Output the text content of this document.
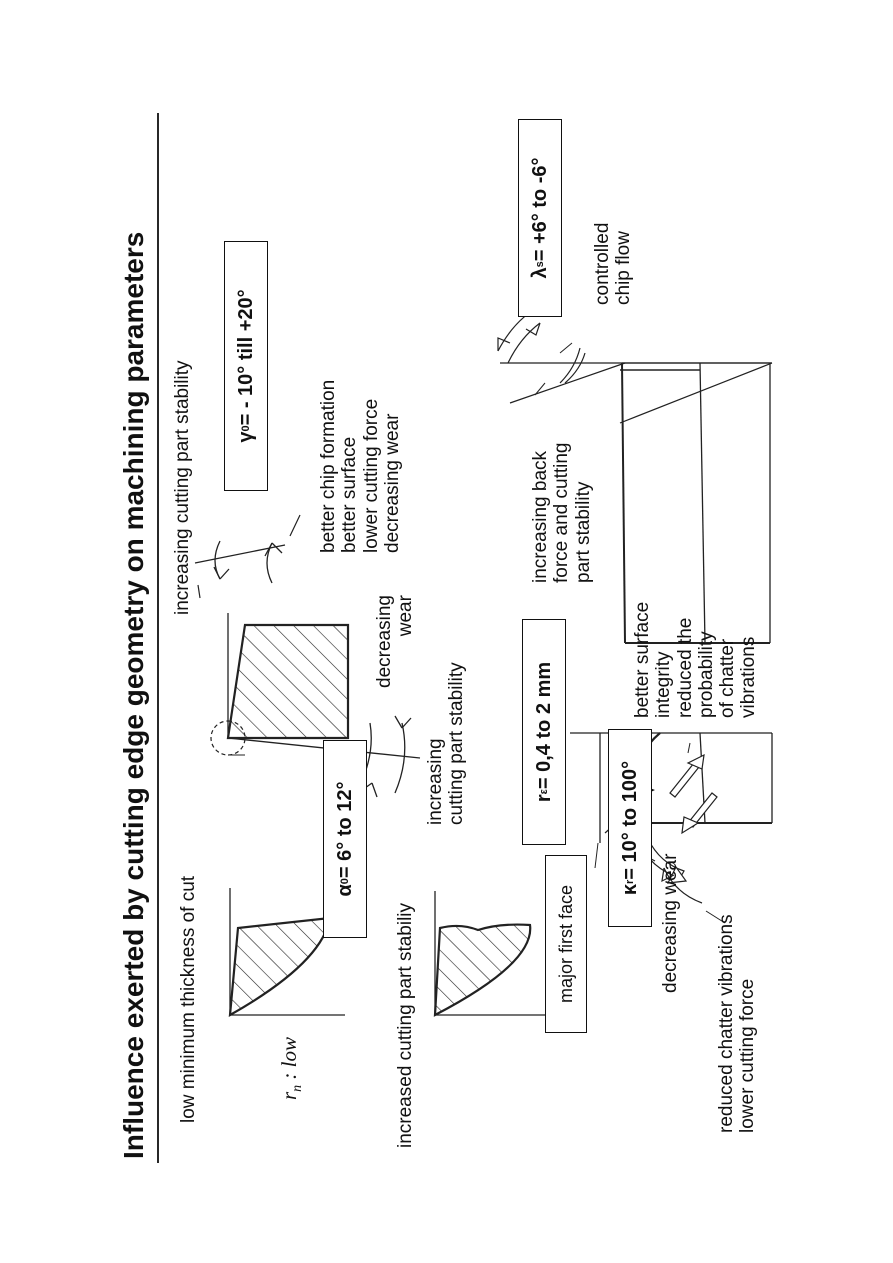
Influence exerted by cutting edge geometry on machining parameters low minimum thickness of cut	$r_n$ : low
	increased cutting part stabiliy
increasing cutting part stability
increasing
cutting part stability
decreasing
wear
better chip formation
better surface
lower cutting force
decreasing wear
decreasing wear
reduced chatter vibrations
lower cutting force
increasing back
force and cutting
part stability
better surface
integrity
reduced the
probability
of chatter
vibrations
controlled
chip flow
γ
0
= - 10° till +20°
α
0
= 6° to 12°	r
ε
= 0,4 to 2 mm
major first face	κ
r
= 10° to 100°
λ
s
= +6° to -6°
